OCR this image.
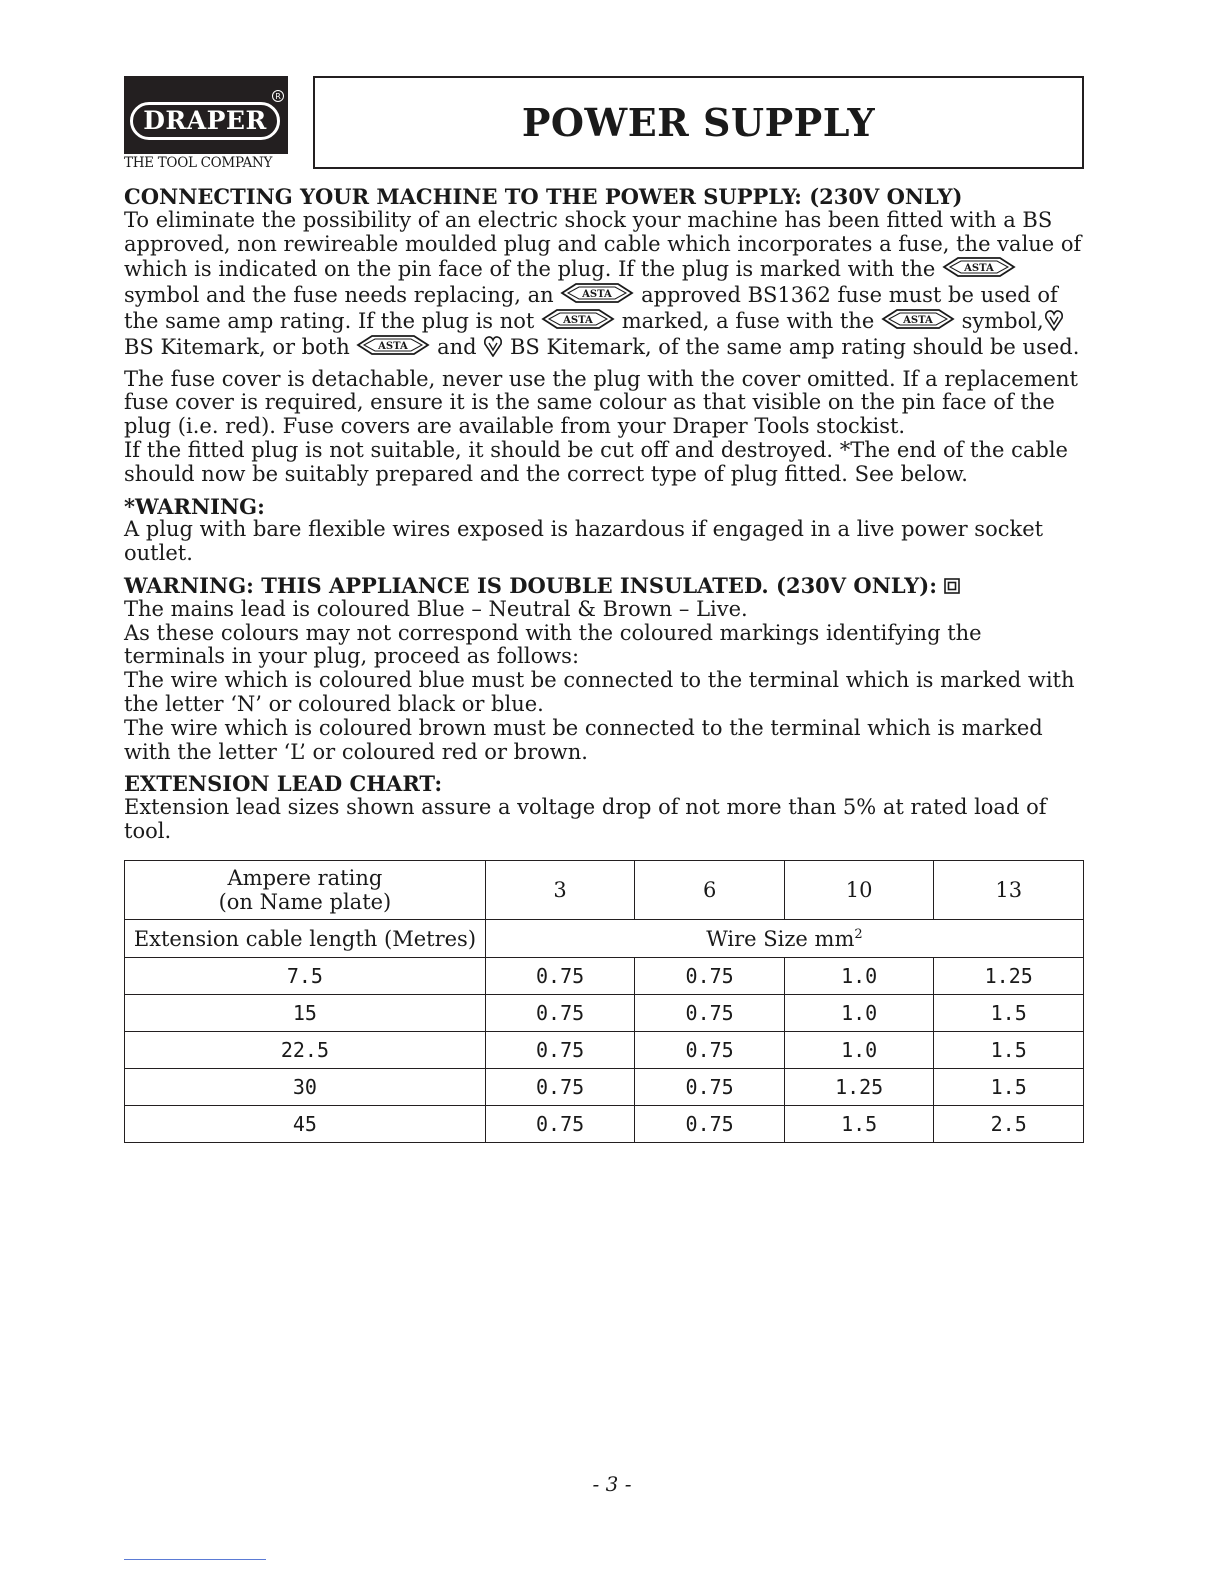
DRAPER
R
THE TOOL COMPANY
POWER SUPPLY

CONNECTING YOUR MACHINE TO THE POWER SUPPLY: (230V ONLY)

To eliminate the possibility of an electric shock your machine has been fitted with a BS approved, non rewireable moulded plug and cable which incorporates a fuse, the value of which is indicated on the pin face of the plug. If the plug is marked with the	ASTA
symbol and the fuse needs replacing, an	ASTA approved BS1362 fuse must be used of the same amp rating. If the plug is not	ASTA marked, a fuse with the	ASTA symbol, BS Kitemark, or both	ASTA and BS Kitemark, of the same amp rating should be used.

The fuse cover is detachable, never use the plug with the cover omitted. If a replacement fuse cover is required, ensure it is the same colour as that visible on the pin face of the plug (i.e. red). Fuse covers are available from your Draper Tools stockist.

If the fitted plug is not suitable, it should be cut off and destroyed. *The end of the cable should now be suitably prepared and the correct type of plug fitted. See below.

*WARNING:

A plug with bare flexible wires exposed is hazardous if engaged in a live power socket outlet.

WARNING: THIS APPLIANCE IS DOUBLE INSULATED. (230V ONLY):

The mains lead is coloured Blue – Neutral & Brown – Live.

As these colours may not correspond with the coloured markings identifying the terminals in your plug, proceed as follows:

The wire which is coloured blue must be connected to the terminal which is marked with the letter ‘N’ or coloured black or blue.

The wire which is coloured brown must be connected to the terminal which is marked with the letter ‘L’ or coloured red or brown.

EXTENSION LEAD CHART:

Extension lead sizes shown assure a voltage drop of not more than 5% at rated load of tool.

Ampere rating
(on Name plate)	3	6	10	13
Extension cable length (Metres)	Wire Size $mm^2$
7.5	0.75	0.75	1.0	1.25
15	0.75	0.75	1.0	1.5
22.5	0.75	0.75	1.0	1.5
30	0.75	0.75	1.25	1.5
45	0.75	0.75	1.5	2.5
- 3 -
